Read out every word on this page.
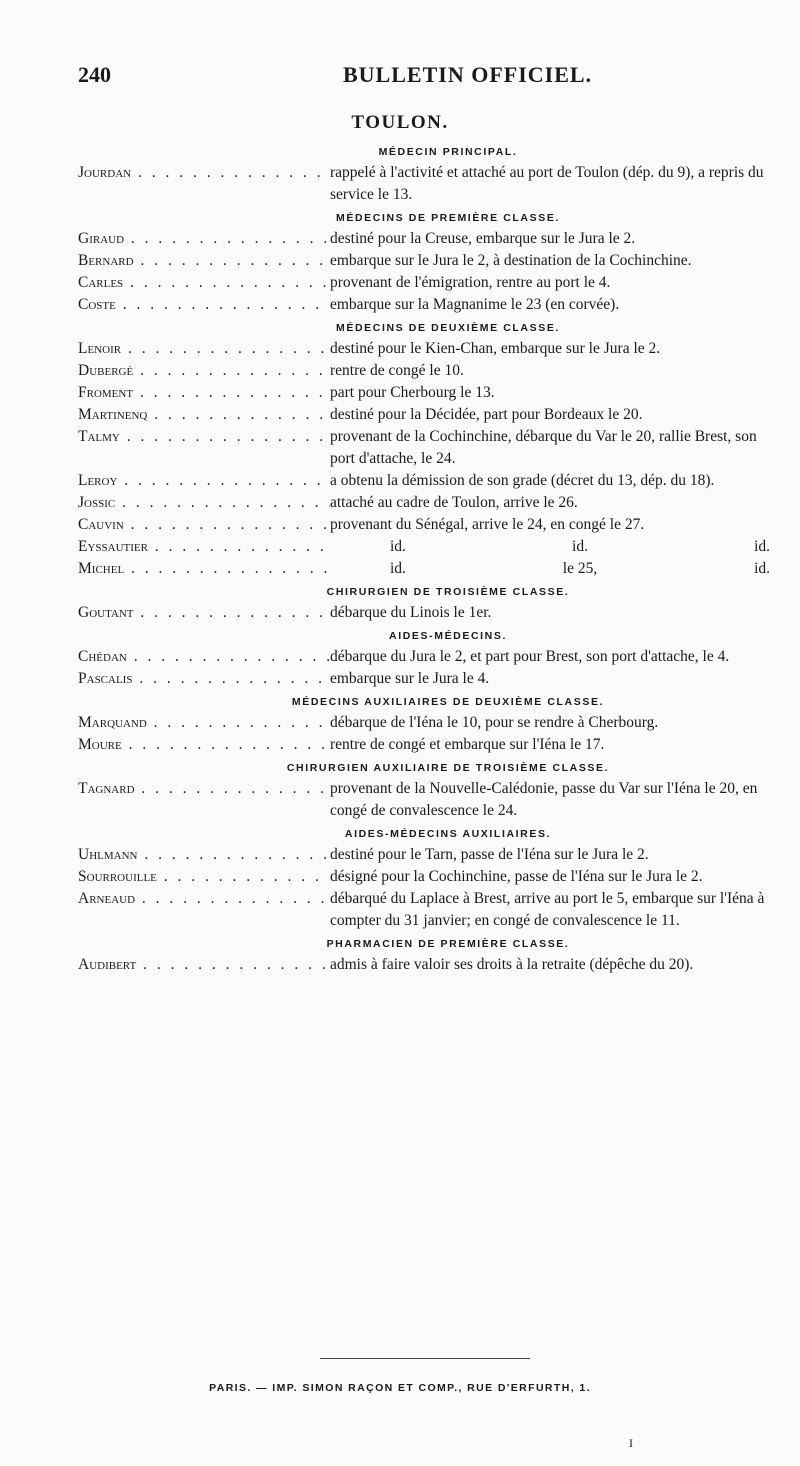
240	BULLETIN OFFICIEL.
TOULON.
MÉDECIN PRINCIPAL.
Jourdan . . .	rappelé à l'activité et attaché au port de Toulon (dép. du 9), a repris du service le 13.
MÉDECINS DE PREMIÈRE CLASSE.
Giraud . . .	destiné pour la Creuse, embarque sur le Jura le 2.
Bernard . . .	embarque sur le Jura le 2, à destination de la Cochinchine.
Carles . . .	provenant de l'émigration, rentre au port le 4.
Coste . . .	embarque sur la Magnanime le 23 (en corvée).
MÉDECINS DE DEUXIÈME CLASSE.
Lenoir . . .	destiné pour le Kien-Chan, embarque sur le Jura le 2.
Dubergé . . .	rentre de congé le 10.
Froment . . .	part pour Cherbourg le 13.
Martinenq . . .	destiné pour la Décidée, part pour Bordeaux le 20.
Talmy . . .	provenant de la Cochinchine, débarque du Var le 20, rallie Brest, son port d'attache, le 24.
Leroy . . .	a obtenu la démission de son grade (décret du 13, dép. du 18).
Jossic . . .	attaché au cadre de Toulon, arrive le 26.
Cauvin . . .	provenant du Sénégal, arrive le 24, en congé le 27.
Eyssautier . . .	id.	id.	id.
Michel . . .	id.	le 25,	id.
CHIRURGIEN DE TROISIÈME CLASSE.
Goutant . . .	débarque du Linois le 1er.
AIDES-MÉDECINS.
Chédan . . .	débarque du Jura le 2, et part pour Brest, son port d'attache, le 4.
Pascalis . . .	embarque sur le Jura le 4.
MÉDECINS AUXILIAIRES DE DEUXIÈME CLASSE.
Marquand . . .	débarque de l'Iéna le 10, pour se rendre à Cherbourg.
Moure . . .	rentre de congé et embarque sur l'Iéna le 17.
CHIRURGIEN AUXILIAIRE DE TROISIÈME CLASSE.
Tagnard . . .	provenant de la Nouvelle-Calédonie, passe du Var sur l'Iéna le 20, en congé de convalescence le 24.
AIDES-MÉDECINS AUXILIAIRES.
Uhlmann . . .	destiné pour le Tarn, passe de l'Iéna sur le Jura le 2.
Sourrouille . . .	désigné pour la Cochinchine, passe de l'Iéna sur le Jura le 2.
Arneaud . . .	débarqué du Laplace à Brest, arrive au port le 5, embarque sur l'Iéna à compter du 31 janvier; en congé de convalescence le 11.
PHARMACIEN DE PREMIÈRE CLASSE.
Audibert . . .	admis à faire valoir ses droits à la retraite (dépêche du 20).
PARIS. — IMP. SIMON RAÇON ET COMP., RUE D'ERFURTH, 1.
I
